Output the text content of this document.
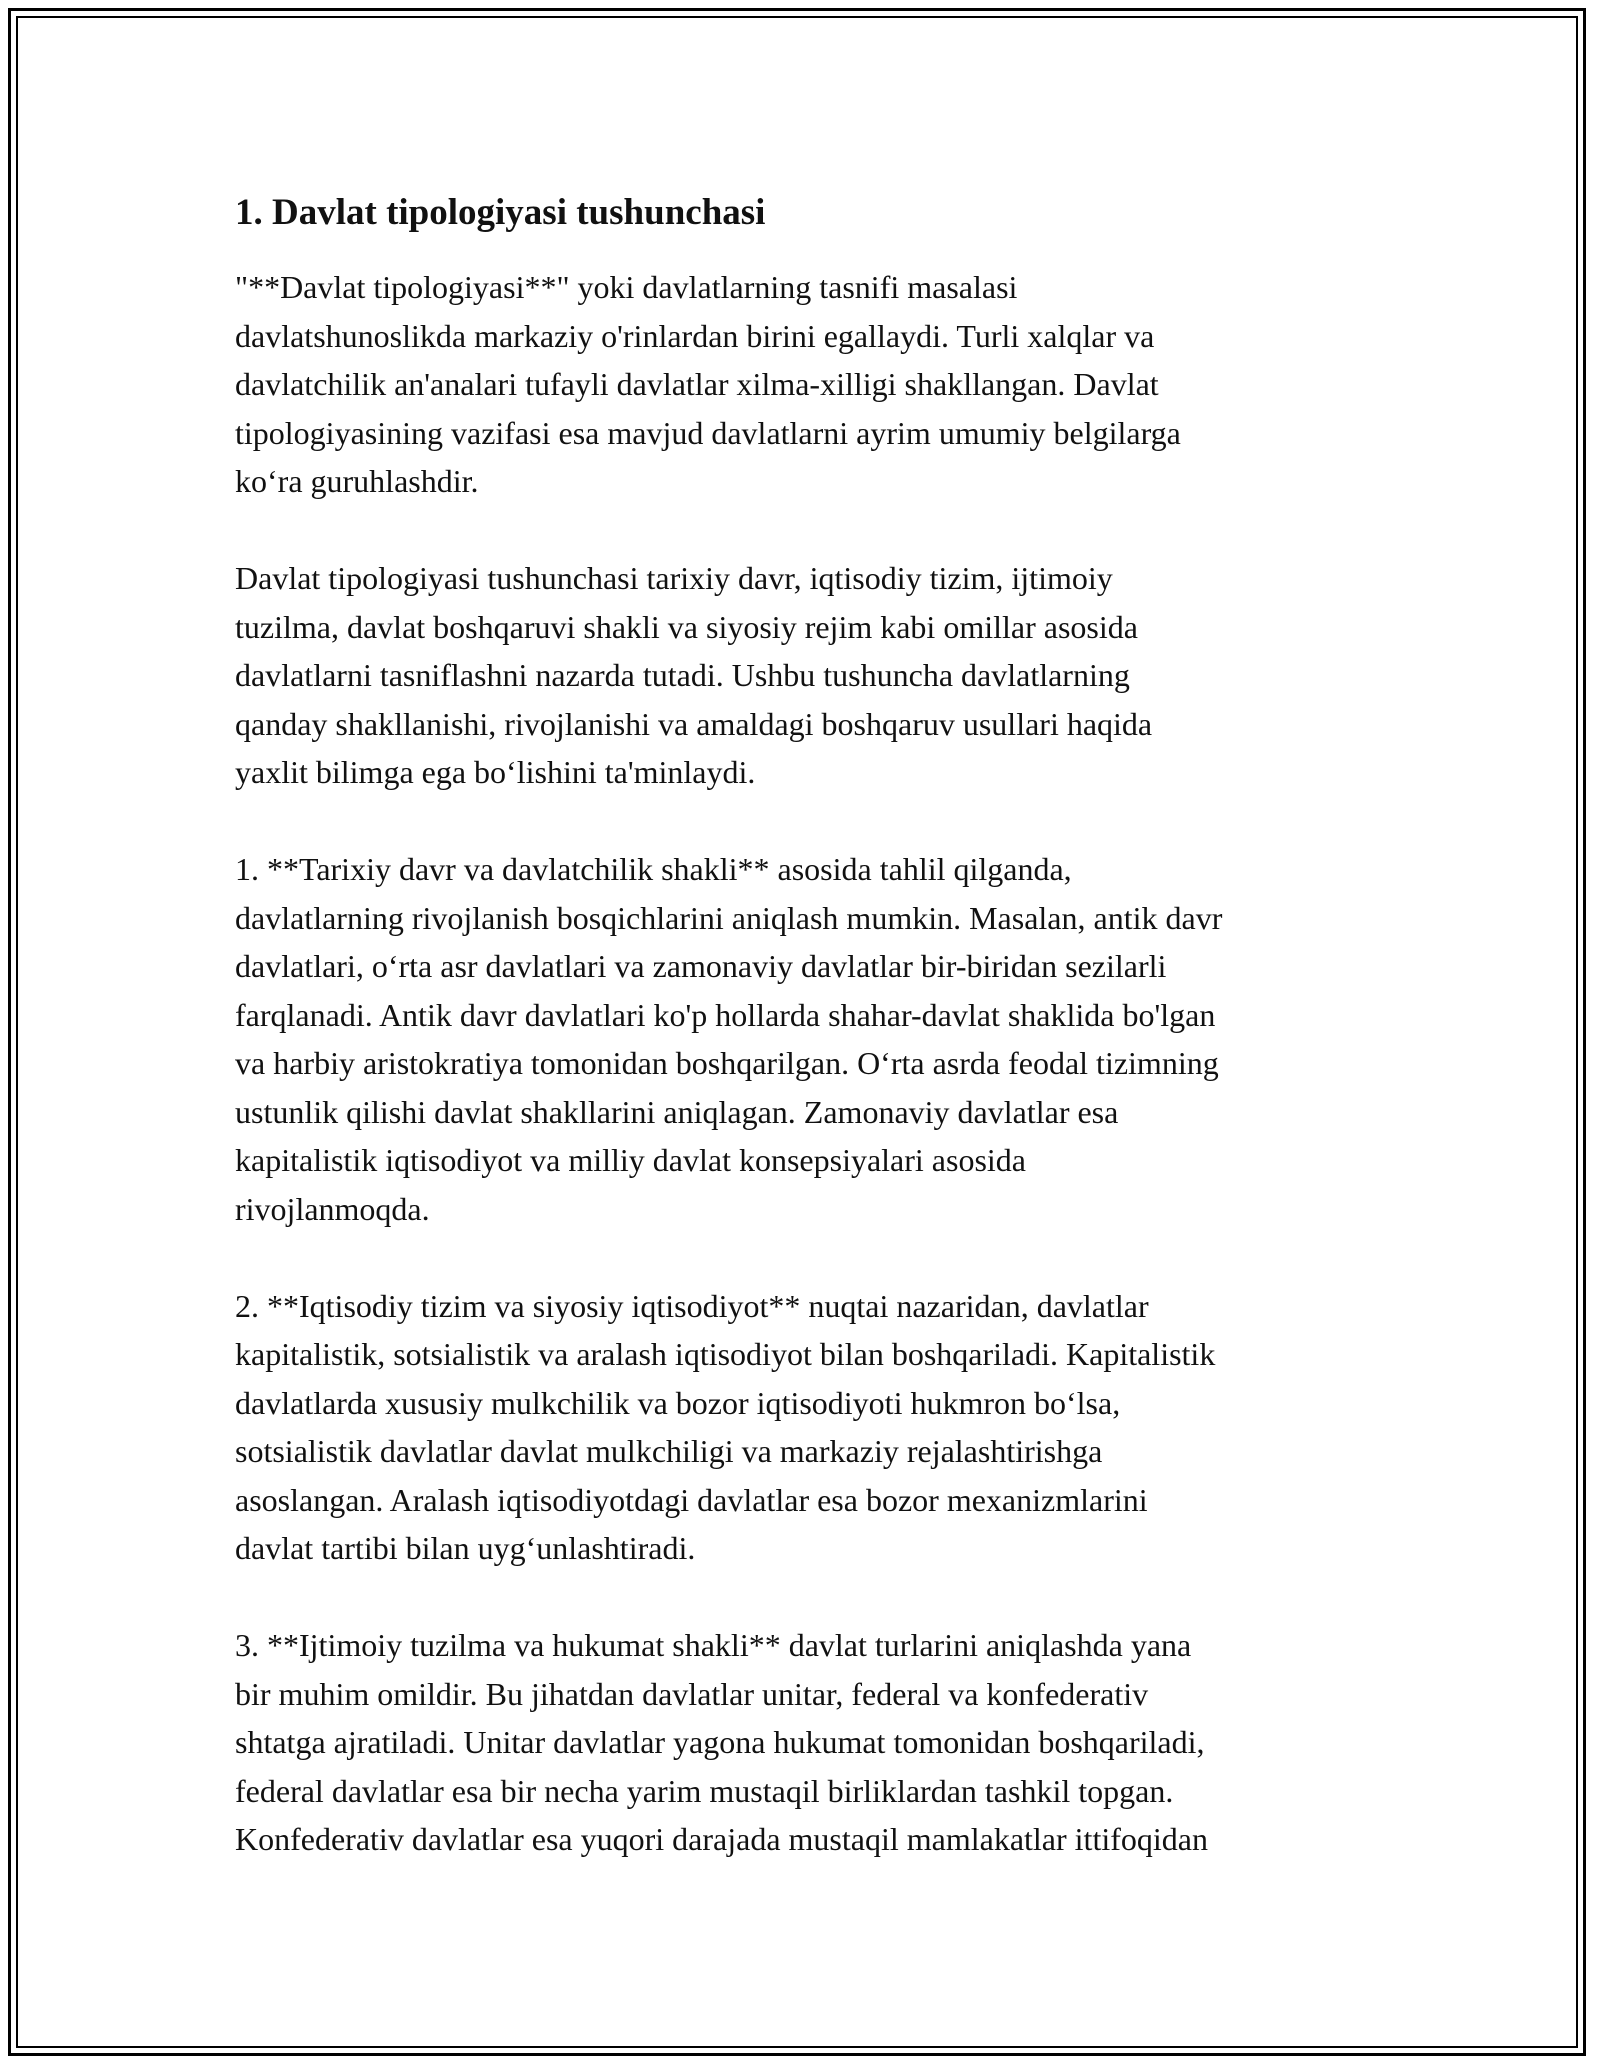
1. Davlat tipologiyasi tushunchasi

"**Davlat tipologiyasi**" yoki davlatlarning tasnifi masalasi
davlatshunoslikda markaziy o'rinlardan birini egallaydi. Turli xalqlar va
davlatchilik an'analari tufayli davlatlar xilma-xilligi shakllangan. Davlat
tipologiyasining vazifasi esa mavjud davlatlarni ayrim umumiy belgilarga
ko‘ra guruhlashdir.

Davlat tipologiyasi tushunchasi tarixiy davr, iqtisodiy tizim, ijtimoiy
tuzilma, davlat boshqaruvi shakli va siyosiy rejim kabi omillar asosida
davlatlarni tasniflashni nazarda tutadi. Ushbu tushuncha davlatlarning
qanday shakllanishi, rivojlanishi va amaldagi boshqaruv usullari haqida
yaxlit bilimga ega bo‘lishini ta'minlaydi.

1. **Tarixiy davr va davlatchilik shakli** asosida tahlil qilganda,
davlatlarning rivojlanish bosqichlarini aniqlash mumkin. Masalan, antik davr
davlatlari, o‘rta asr davlatlari va zamonaviy davlatlar bir-biridan sezilarli
farqlanadi. Antik davr davlatlari ko'p hollarda shahar-davlat shaklida bo'lgan
va harbiy aristokratiya tomonidan boshqarilgan. O‘rta asrda feodal tizimning
ustunlik qilishi davlat shakllarini aniqlagan. Zamonaviy davlatlar esa
kapitalistik iqtisodiyot va milliy davlat konsepsiyalari asosida
rivojlanmoqda.

2. **Iqtisodiy tizim va siyosiy iqtisodiyot** nuqtai nazaridan, davlatlar
kapitalistik, sotsialistik va aralash iqtisodiyot bilan boshqariladi. Kapitalistik
davlatlarda xususiy mulkchilik va bozor iqtisodiyoti hukmron bo‘lsa,
sotsialistik davlatlar davlat mulkchiligi va markaziy rejalashtirishga
asoslangan. Aralash iqtisodiyotdagi davlatlar esa bozor mexanizmlarini
davlat tartibi bilan uyg‘unlashtiradi.

3. **Ijtimoiy tuzilma va hukumat shakli** davlat turlarini aniqlashda yana
bir muhim omildir. Bu jihatdan davlatlar unitar, federal va konfederativ
shtatga ajratiladi. Unitar davlatlar yagona hukumat tomonidan boshqariladi,
federal davlatlar esa bir necha yarim mustaqil birliklardan tashkil topgan.
Konfederativ davlatlar esa yuqori darajada mustaqil mamlakatlar ittifoqidan
